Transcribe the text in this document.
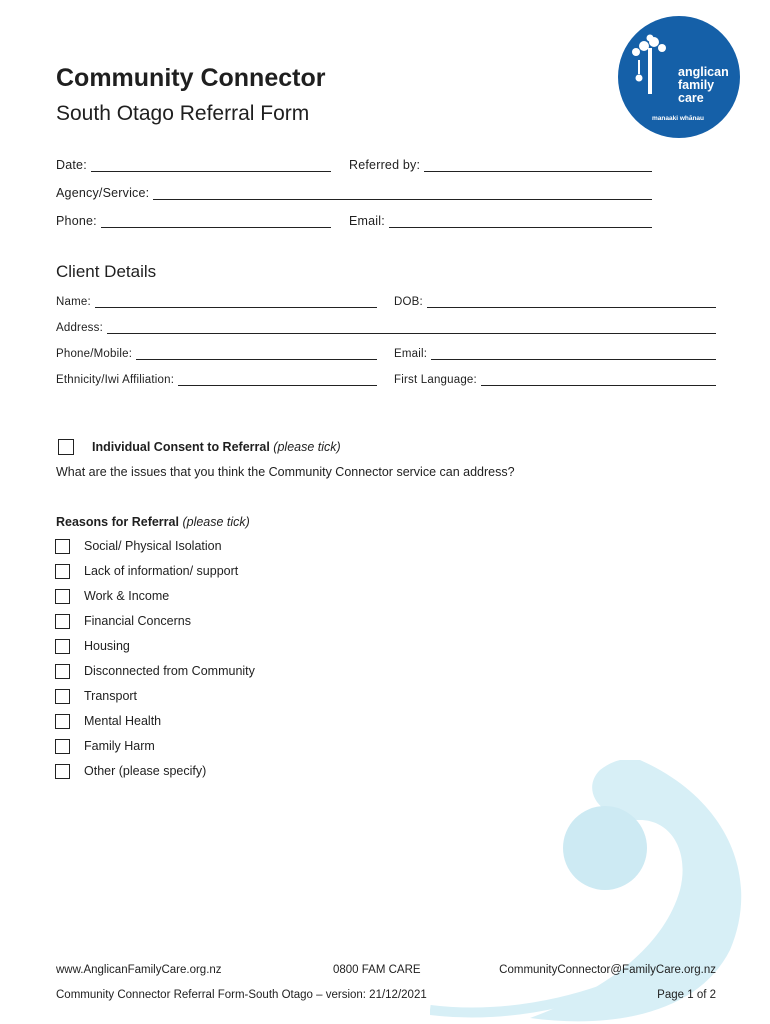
anglican
family
care
manaaki whānau
Community Connector
South Otago Referral Form
Date:	Referred by:
Agency/Service:
Phone:	Email:
Client Details
Name:	DOB:
Address:
Phone/Mobile:	Email:
Ethnicity/Iwi Affiliation:	First Language:
Individual Consent to Referral (please tick)
What are the issues that you think the Community Connector service can address?
Reasons for Referral (please tick)
Social/ Physical Isolation
Lack of information/ support
Work & Income
Financial Concerns
Housing
Disconnected from Community
Transport
Mental Health
Family Harm
Other (please specify)
www.AnglicanFamilyCare.org.nz	0800 FAM CARE	CommunityConnector@FamilyCare.org.nz
Community Connector Referral Form-South Otago – version: 21/12/2021	Page 1 of 2
